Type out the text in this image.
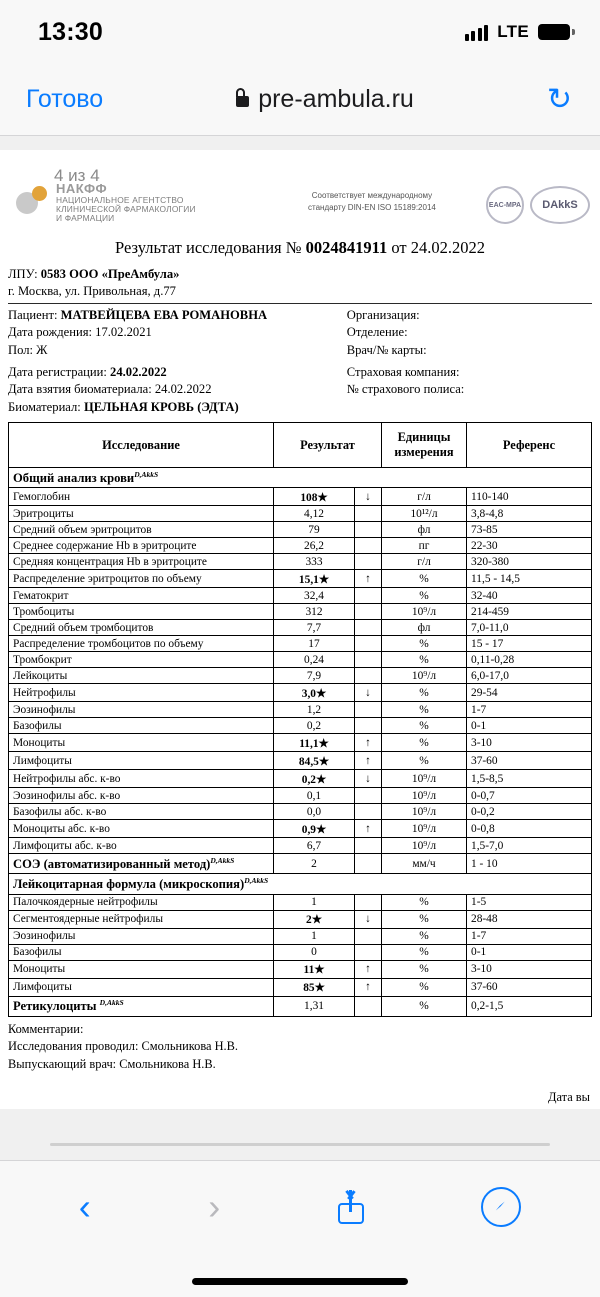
13:30	LTE
Готово	pre-ambula.ru	↻
4 из 4
НАКФФ
НАЦИОНАЛЬНОЕ АГЕНТСТВО
КЛИНИЧЕСКОЙ ФАРМАКОЛОГИИ
И ФАРМАЦИИ
Соответствует международному
стандарту DIN-EN ISO 15189:2014	EAC-MPA	DAkkS
Результат исследования № 0024841911 от 24.02.2022
ЛПУ: 0583 ООО «ПреАмбула»
г. Москва, ул. Привольная, д.77
Пациент: МАТВЕЙЦЕВА ЕВА РОМАНОВНА
Дата рождения: 17.02.2021
Пол: Ж
Организация:
Отделение:
Врач/№ карты:
Дата регистрации: 24.02.2022
Дата взятия биоматериала: 24.02.2022
Биоматериал: ЦЕЛЬНАЯ КРОВЬ (ЭДТА)
Страховая компания:
№ страхового полиса:
Исследование	Результат		Единицы
измерения	Референс
Общий анализ крови$^{D,AkkS}$
Гемоглобин	108★	↓	г/л	110-140
Эритроциты	4,12		10¹²/л	3,8-4,8
Средний объем эритроцитов	79		фл	73-85
Среднее содержание Hb в эритроците	26,2		пг	22-30
Средняя концентрация Hb в эритроците	333		г/л	320-380
Распределение эритроцитов по объему	15,1★	↑	%	11,5 - 14,5
Гематокрит	32,4		%	32-40
Тромбоциты	312		10⁹/л	214-459
Средний объем тромбоцитов	7,7		фл	7,0-11,0
Распределение тромбоцитов по объему	17		%	15 - 17
Тромбокрит	0,24		%	0,11-0,28
Лейкоциты	7,9		10⁹/л	6,0-17,0
Нейтрофилы	3,0★	↓	%	29-54
Эозинофилы	1,2		%	1-7
Базофилы	0,2		%	0-1
Моноциты	11,1★	↑	%	3-10
Лимфоциты	84,5★	↑	%	37-60
Нейтрофилы абс. к-во	0,2★	↓	10⁹/л	1,5-8,5
Эозинофилы абс. к-во	0,1		10⁹/л	0-0,7
Базофилы абс. к-во	0,0		10⁹/л	0-0,2
Моноциты абс. к-во	0,9★	↑	10⁹/л	0-0,8
Лимфоциты абс. к-во	6,7		10⁹/л	1,5-7,0
СОЭ (автоматизированный метод)$^{D,AkkS}$	2		мм/ч	1 - 10
Лейкоцитарная формула (микроскопия)$^{D,AkkS}$
Палочкоядерные нейтрофилы	1		%	1-5
Сегментоядерные нейтрофилы	2★	↓	%	28-48
Эозинофилы	1		%	1-7
Базофилы	0		%	0-1
Моноциты	11★	↑	%	3-10
Лимфоциты	85★	↑	%	37-60
Ретикулоциты $^{D,AkkS}$	1,31		%	0,2-1,5
Комментарии:
Исследования проводил: Смольникова Н.В.
Выпускающий врач: Смольникова Н.В.
Дата вы
‹	›
